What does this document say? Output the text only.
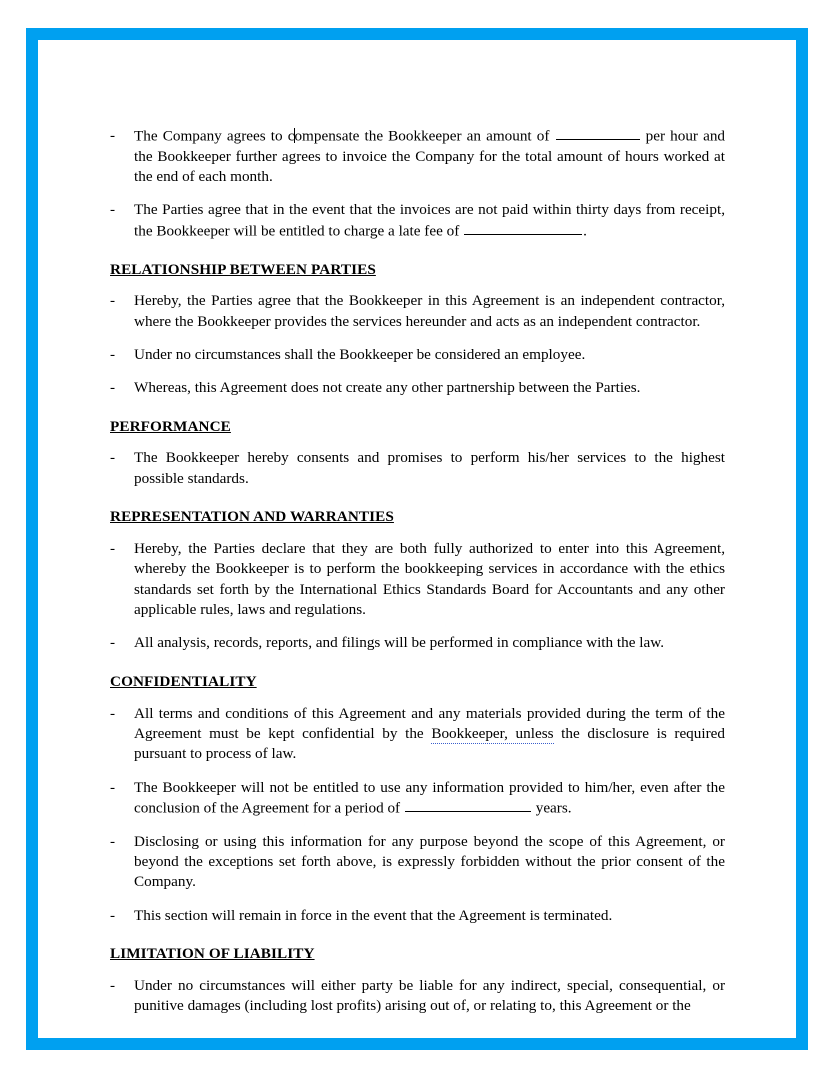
-	The Company agrees to compensate the Bookkeeper an amount of	per hour and the Bookkeeper further agrees to invoice the Company for the total amount of hours worked at the end of each month.
-	The Parties agree that in the event that the invoices are not paid within thirty days from receipt, the Bookkeeper will be entitled to charge a late fee of	.
RELATIONSHIP BETWEEN PARTIES
-	Hereby, the Parties agree that the Bookkeeper in this Agreement is an independent contractor, where the Bookkeeper provides the services hereunder and acts as an independent contractor.
-	Under no circumstances shall the Bookkeeper be considered an employee.
-	Whereas, this Agreement does not create any other partnership between the Parties.
PERFORMANCE
-	The Bookkeeper hereby consents and promises to perform his/her services to the highest possible standards.
REPRESENTATION AND WARRANTIES
-	Hereby, the Parties declare that they are both fully authorized to enter into this Agreement, whereby the Bookkeeper is to perform the bookkeeping services in accordance with the ethics standards set forth by the International Ethics Standards Board for Accountants and any other applicable rules, laws and regulations.
-	All analysis, records, reports, and filings will be performed in compliance with the law.
CONFIDENTIALITY
-	All terms and conditions of this Agreement and any materials provided during the term of the Agreement must be kept confidential by the Bookkeeper, unless the disclosure is required pursuant to process of law.
-	The Bookkeeper will not be entitled to use any information provided to him/her, even after the conclusion of the Agreement for a period of	years.
-	Disclosing or using this information for any purpose beyond the scope of this Agreement, or beyond the exceptions set forth above, is expressly forbidden without the prior consent of the Company.
-	This section will remain in force in the event that the Agreement is terminated.
LIMITATION OF LIABILITY
-	Under no circumstances will either party be liable for any indirect, special, consequential, or punitive damages (including lost profits) arising out of, or relating to, this Agreement or the
